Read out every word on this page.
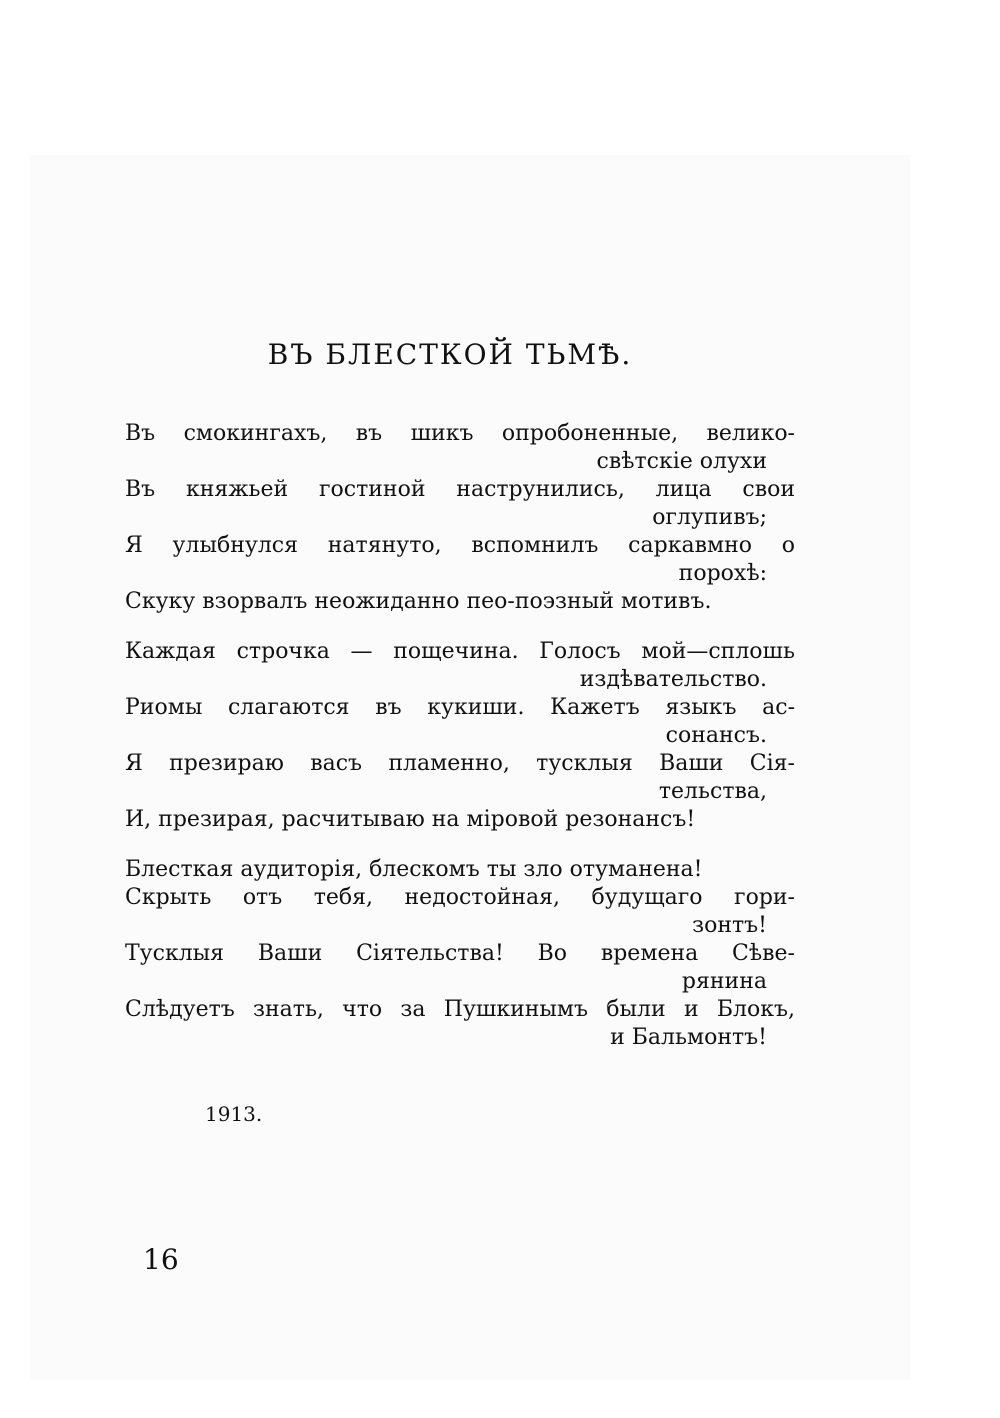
ВЪ БЛЕСТКОЙ ТЬМѢ.
Въ смокингахъ, въ шикъ опробоненные, велико-
свѣтскіе олухи
Въ княжьей гостиной наструнились, лица свои
оглупивъ;
Я улыбнулся натянуто, вспомнилъ саркавмно о
порохѣ:
Скуку взорвалъ неожиданно пео-поэзный мотивъ.
Каждая строчка — пощечина. Голосъ мой—сплошь
издѣвательство.
Риомы слагаются въ кукиши. Кажетъ языкъ ас-
сонансъ.
Я презираю васъ пламенно, тусклыя Ваши Сія-
тельства,
И, презирая, расчитываю на міровой резонансъ!
Блесткая аудиторія, блескомъ ты зло отуманена!
Скрыть отъ тебя, недостойная, будущаго гори-
зонтъ!
Тусклыя Ваши Сіятельства! Во времена Сѣве-
рянина
Слѣдуетъ знать, что за Пушкинымъ были и Блокъ,
и Бальмонтъ!
1913.
16
